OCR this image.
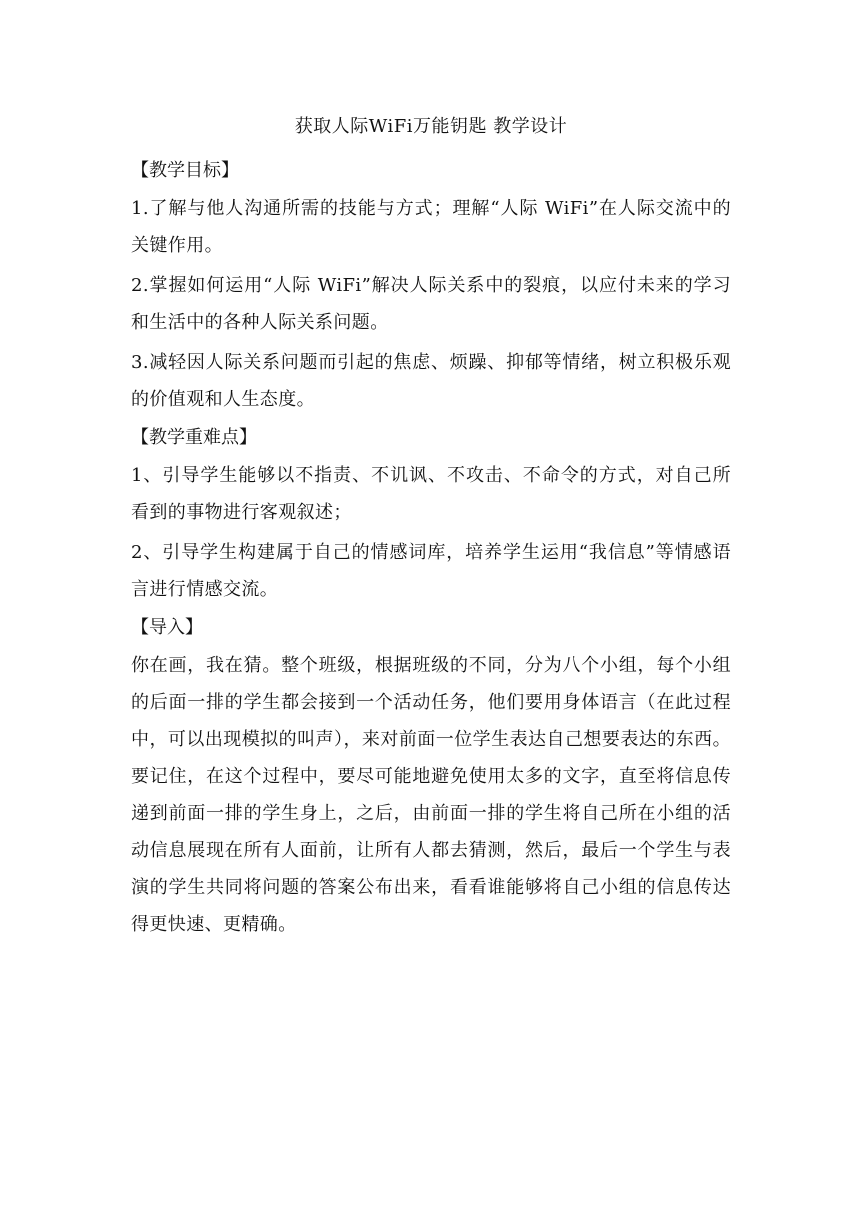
获取人际WiFi万能钥匙 教学设计
【教学目标】
1.了解与他人沟通所需的技能与方式；理解“人际 WiFi”在人际交流中的关键作用。
2.掌握如何运用“人际 WiFi”解决人际关系中的裂痕，以应付未来的学习和生活中的各种人际关系问题。
3.减轻因人际关系问题而引起的焦虑、烦躁、抑郁等情绪，树立积极乐观的价值观和人生态度。
【教学重难点】
1、引导学生能够以不指责、不讥讽、不攻击、不命令的方式，对自己所看到的事物进行客观叙述；
2、引导学生构建属于自己的情感词库，培养学生运用“我信息”等情感语言进行情感交流。
【导入】
你在画，我在猜。整个班级，根据班级的不同，分为八个小组，每个小组的后面一排的学生都会接到一个活动任务，他们要用身体语言（在此过程中，可以出现模拟的叫声），来对前面一位学生表达自己想要表达的东西。要记住，在这个过程中，要尽可能地避免使用太多的文字，直至将信息传递到前面一排的学生身上，之后，由前面一排的学生将自己所在小组的活动信息展现在所有人面前，让所有人都去猜测，然后，最后一个学生与表演的学生共同将问题的答案公布出来，看看谁能够将自己小组的信息传达得更快速、更精确。
